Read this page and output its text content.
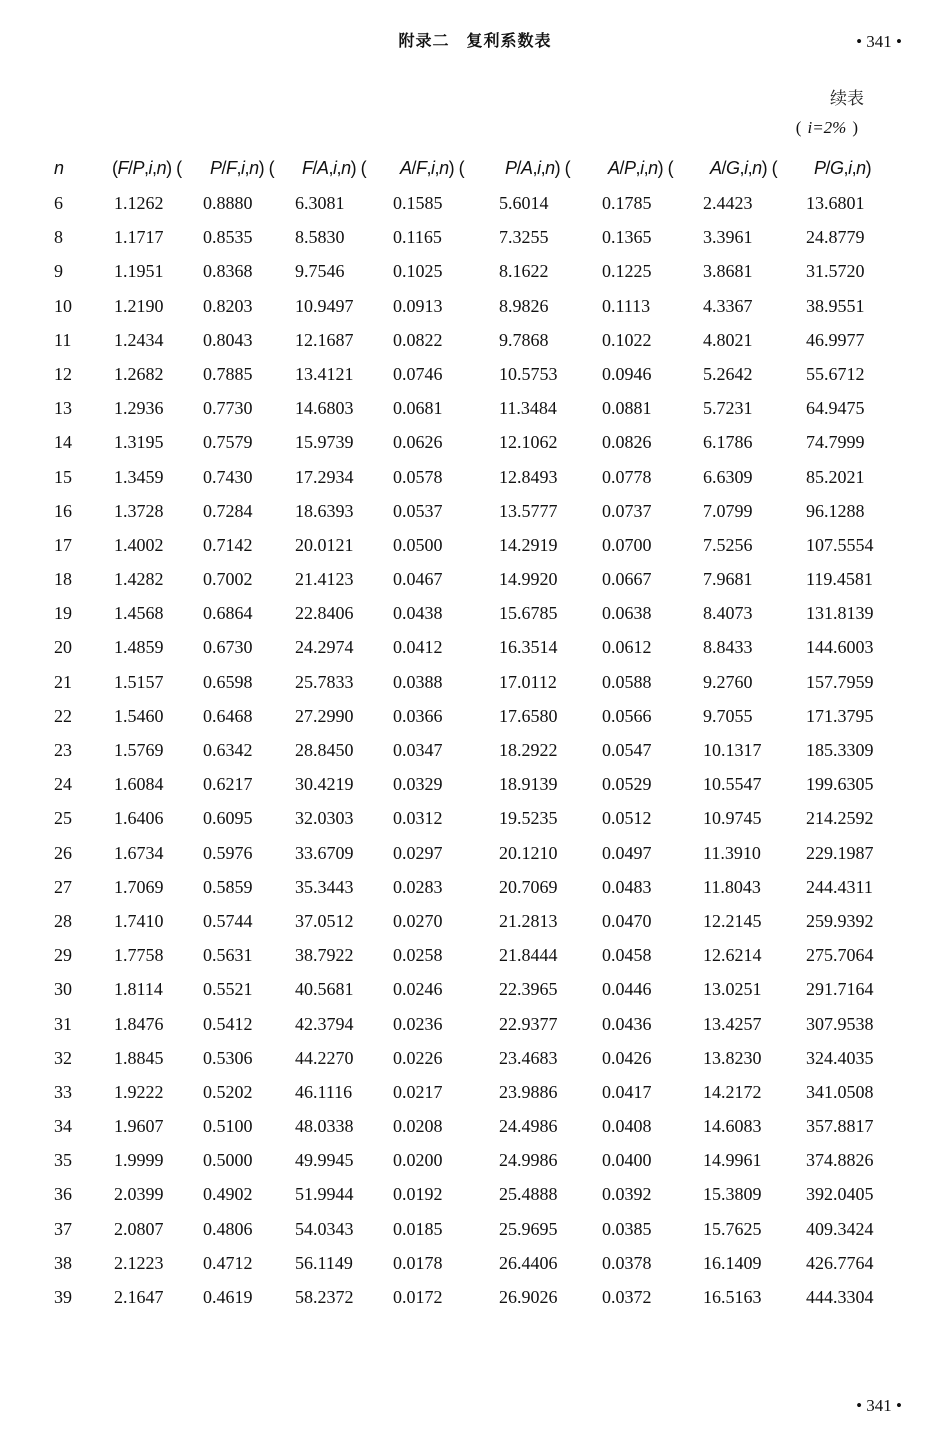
附录二　复利系数表	• 341 •
续表
( i=2% )
n	(F/P,i,n) ( P/F,i,n) ( F/A,i,n) ( A/F,i,n) ( P/A,i,n) ( A/P,i,n) ( A/G,i,n) ( P/G,i,n)
6	1.1262 0.8880 6.3081	0.1585	5.6014	0.1785	2.4423	13.6801
8	1.1717 0.8535 8.5830	0.1165	7.3255	0.1365	3.3961	24.8779
9	1.1951 0.8368 9.7546	0.1025	8.1622	0.1225	3.8681	31.5720
10 1.2190 0.8203 10.9497 0.0913	8.9826	0.1113	4.3367	38.9551
11 1.2434 0.8043 12.1687 0.0822	9.7868	0.1022	4.8021	46.9977
12 1.2682 0.7885 13.4121 0.0746	10.5753 0.0946	5.2642	55.6712
13 1.2936 0.7730 14.6803 0.0681	11.3484	0.0881	5.7231	64.9475
14 1.3195 0.7579 15.9739 0.0626	12.1062 0.0826	6.1786	74.7999
15 1.3459 0.7430 17.2934 0.0578	12.8493 0.0778	6.6309	85.2021
16 1.3728 0.7284 18.6393 0.0537	13.5777 0.0737	7.0799	96.1288
17 1.4002 0.7142 20.0121 0.0500	14.2919 0.0700	7.5256	107.5554
18 1.4282 0.7002 21.4123 0.0467	14.9920 0.0667	7.9681	119.4581
19 1.4568 0.6864 22.8406 0.0438	15.6785 0.0638	8.4073	131.8139
20 1.4859 0.6730 24.2974 0.0412	16.3514 0.0612	8.8433	144.6003
21 1.5157 0.6598 25.7833 0.0388	17.0112	0.0588	9.2760	157.7959
22 1.5460 0.6468 27.2990 0.0366	17.6580 0.0566	9.7055	171.3795
23 1.5769 0.6342 28.8450 0.0347	18.2922 0.0547	10.1317 185.3309
24 1.6084 0.6217 30.4219 0.0329	18.9139 0.0529	10.5547 199.6305
25 1.6406 0.6095 32.0303 0.0312	19.5235 0.0512	10.9745 214.2592
26 1.6734 0.5976 33.6709 0.0297	20.1210 0.0497	11.3910	229.1987
27 1.7069 0.5859 35.3443 0.0283	20.7069 0.0483	11.8043	244.4311
28 1.7410 0.5744 37.0512 0.0270	21.2813 0.0470	12.2145 259.9392
29 1.7758 0.5631 38.7922 0.0258	21.8444 0.0458	12.6214 275.7064
30 1.8114 0.5521 40.5681 0.0246	22.3965 0.0446	13.0251 291.7164
31 1.8476 0.5412 42.3794 0.0236	22.9377 0.0436	13.4257 307.9538
32 1.8845 0.5306 44.2270 0.0226	23.4683 0.0426	13.8230 324.4035
33 1.9222 0.5202 46.1116 0.0217	23.9886 0.0417	14.2172 341.0508
34 1.9607 0.5100 48.0338 0.0208	24.4986 0.0408	14.6083 357.8817
35 1.9999 0.5000 49.9945 0.0200	24.9986 0.0400	14.9961 374.8826
36 2.0399 0.4902 51.9944 0.0192	25.4888 0.0392	15.3809 392.0405
37 2.0807 0.4806 54.0343 0.0185	25.9695 0.0385	15.7625 409.3424
38 2.1223 0.4712 56.1149 0.0178	26.4406 0.0378	16.1409 426.7764
39 2.1647 0.4619 58.2372 0.0172	26.9026 0.0372	16.5163 444.3304
• 341 •
